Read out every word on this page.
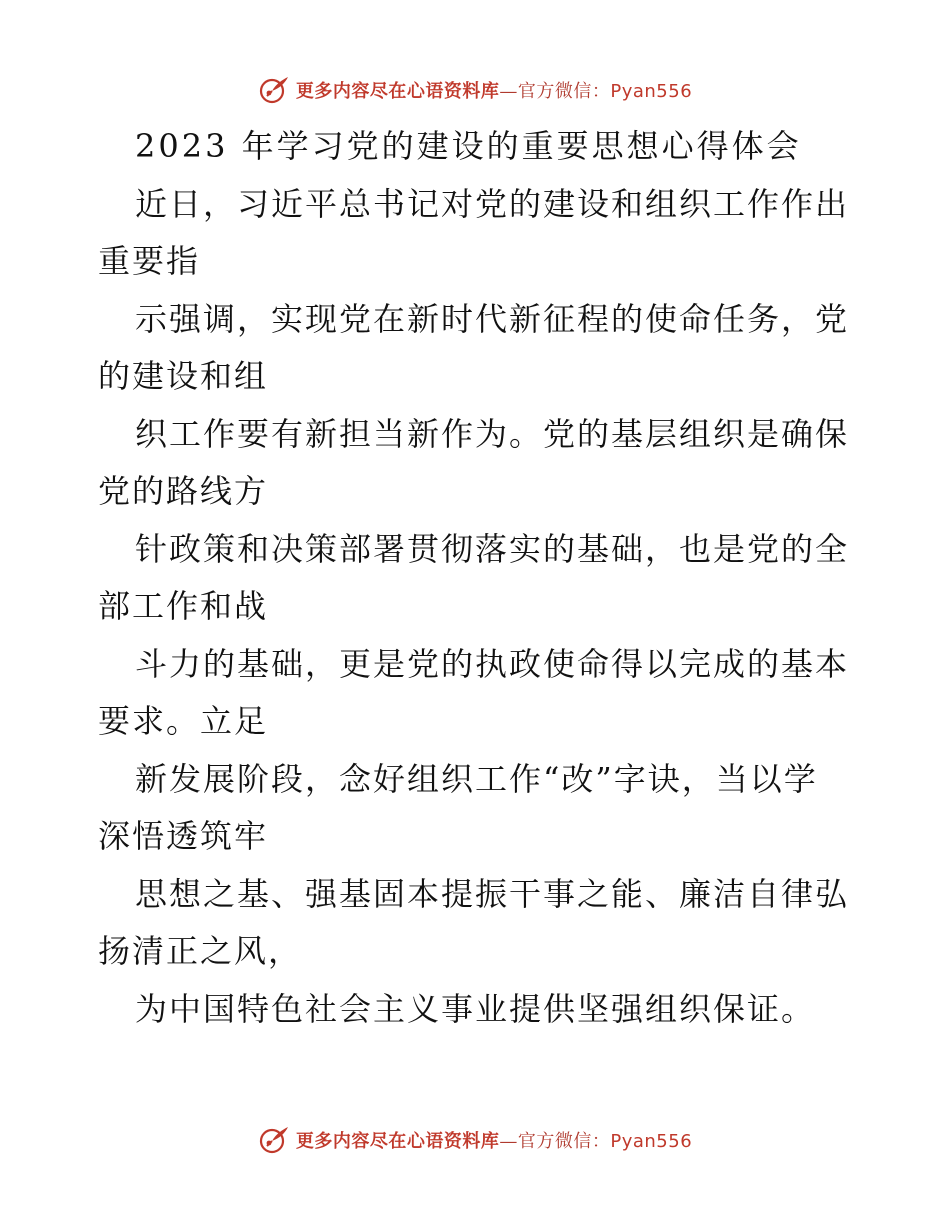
更多内容尽在心语资料库—官方微信：Pyan556
2023 年学习党的建设的重要思想心得体会
近日，习近平总书记对党的建设和组织工作作出
重要指
示强调，实现党在新时代新征程的使命任务，党
的建设和组
织工作要有新担当新作为。党的基层组织是确保
党的路线方
针政策和决策部署贯彻落实的基础，也是党的全
部工作和战
斗力的基础，更是党的执政使命得以完成的基本
要求。立足
新发展阶段，念好组织工作“改”字诀，当以学
深悟透筑牢
思想之基、强基固本提振干事之能、廉洁自律弘
扬清正之风，
为中国特色社会主义事业提供坚强组织保证。
更多内容尽在心语资料库—官方微信：Pyan556
